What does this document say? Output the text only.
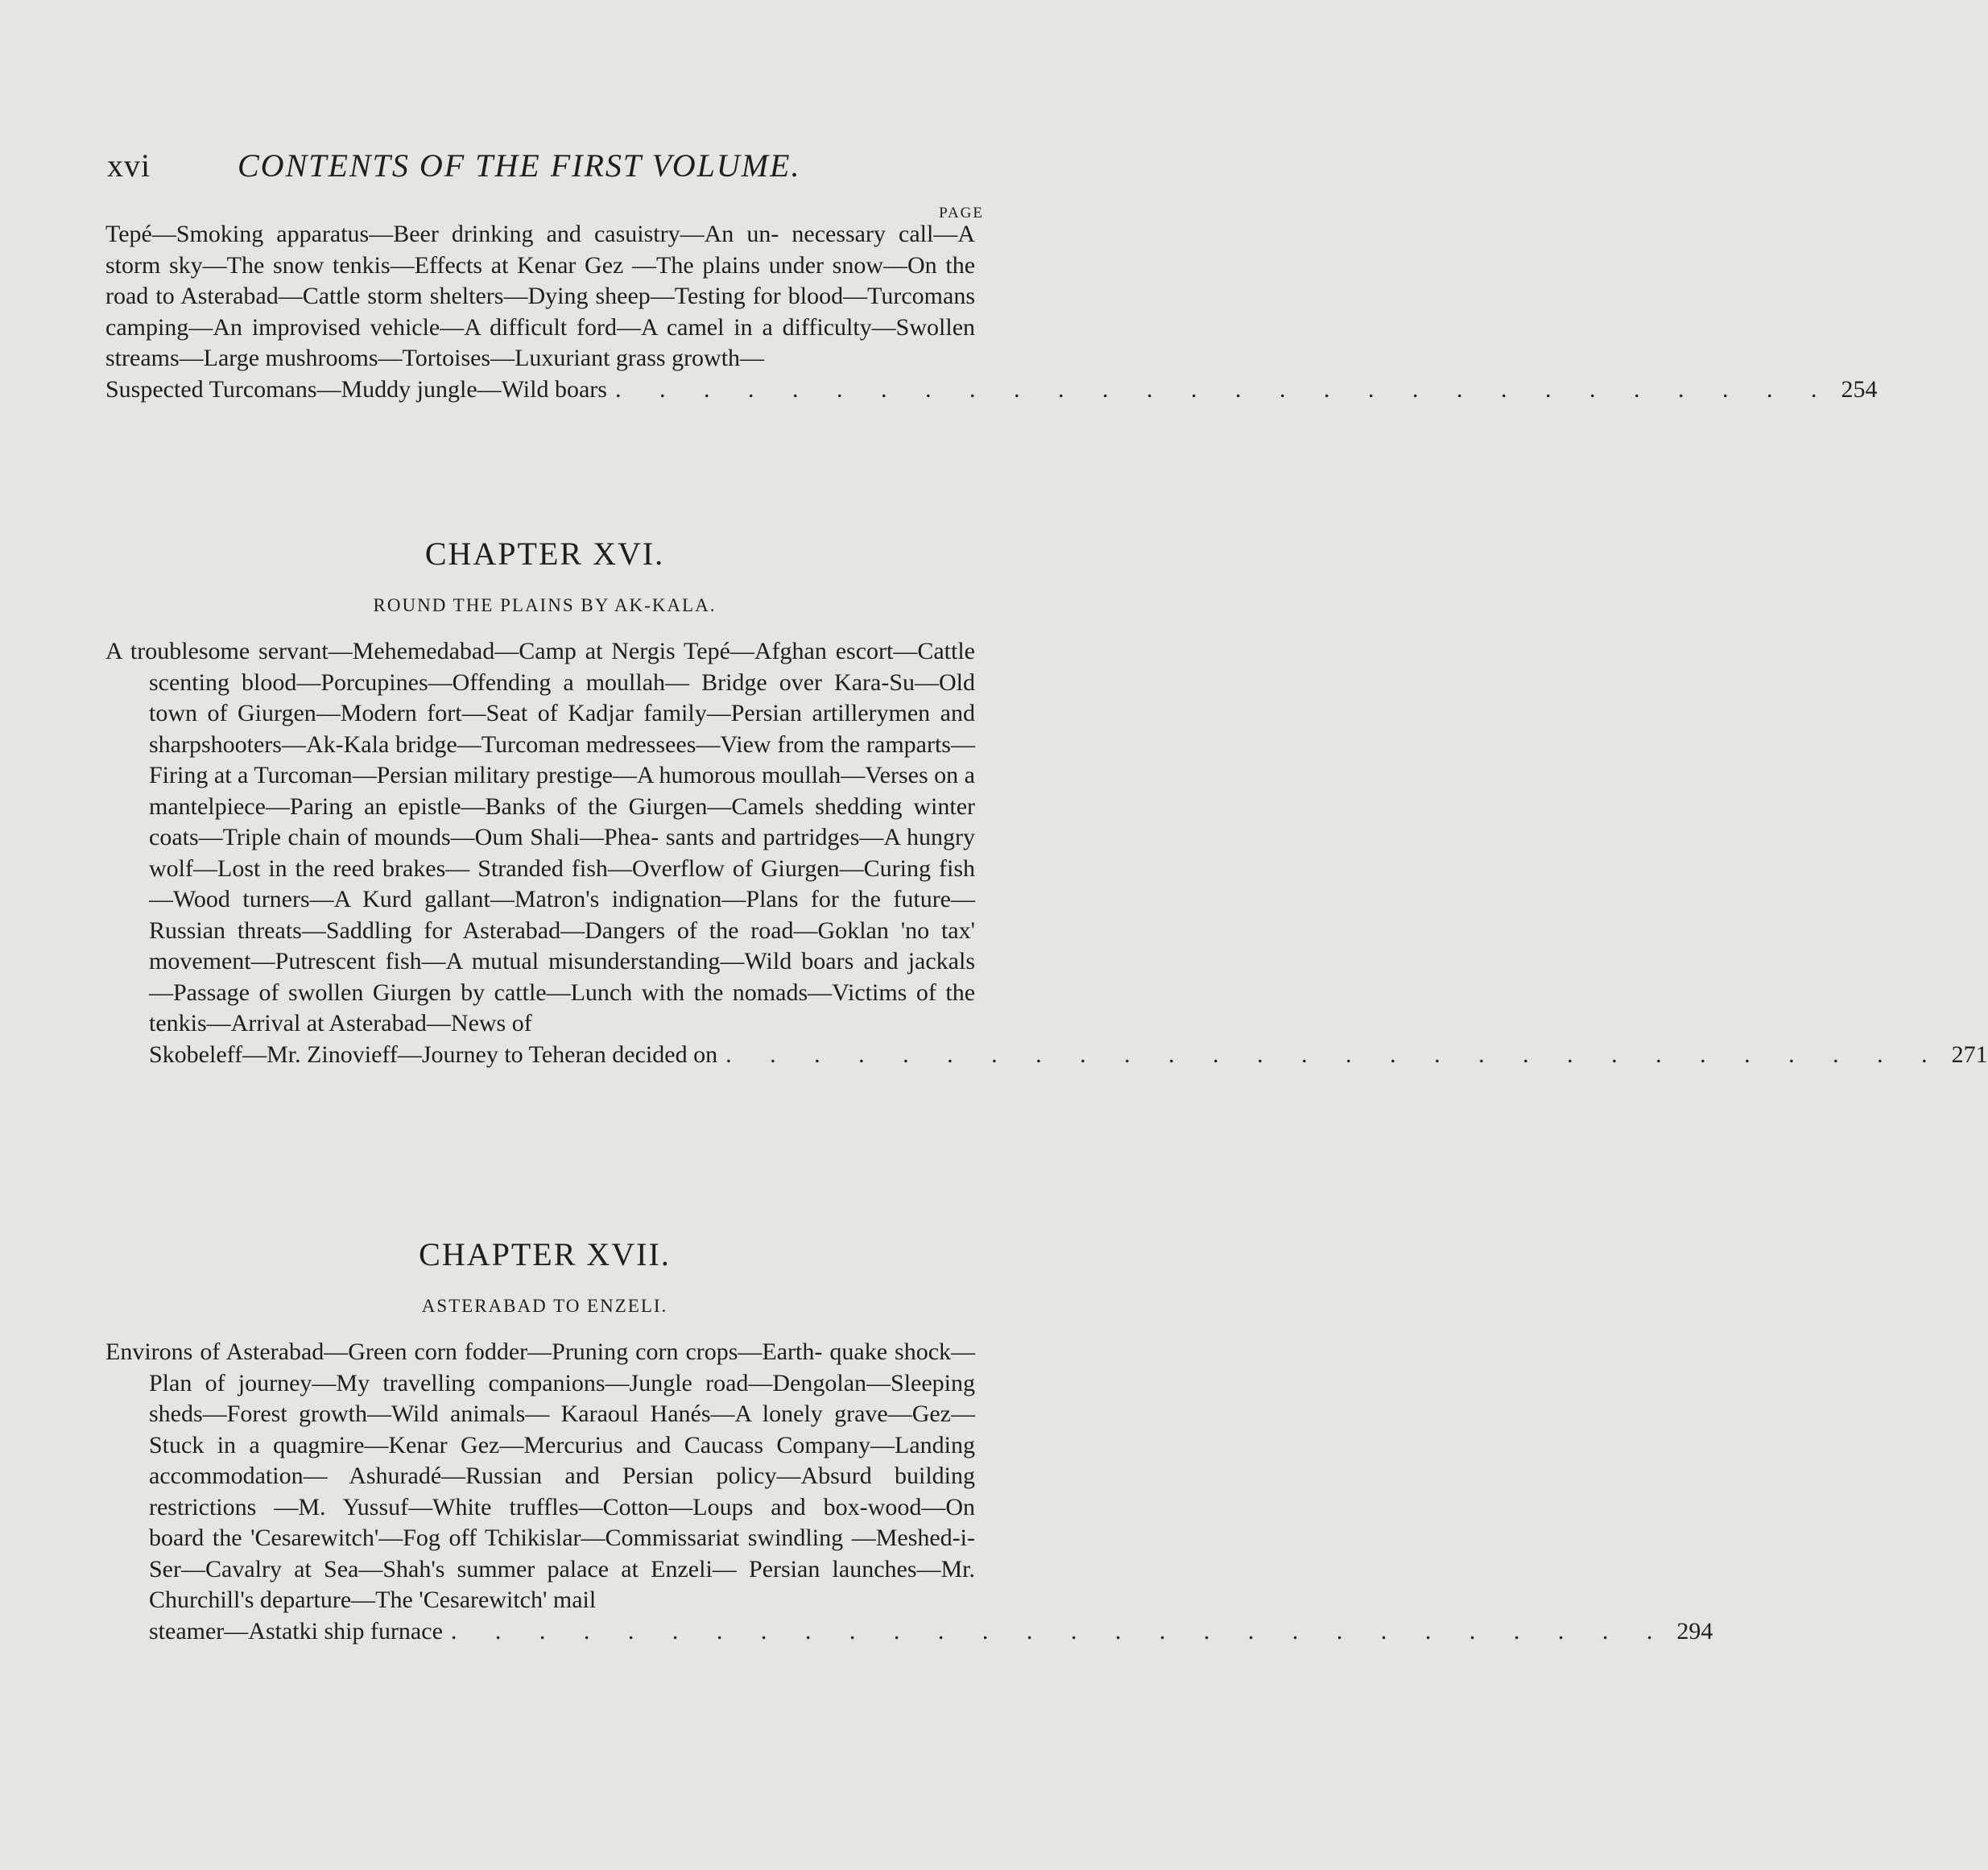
xvi	CONTENTS OF THE FIRST VOLUME.
PAGE

Tepé—Smoking apparatus—Beer drinking and casuistry—An un- necessary call—A storm sky—The snow tenkis—Effects at Kenar Gez —The plains under snow—On the road to Asterabad—Cattle storm shelters—Dying sheep—Testing for blood—Turcomans camping—An improvised vehicle—A difficult ford—A camel in a difficulty—Swollen streams—Large mushrooms—Tortoises—Luxuriant grass growth—

Suspected Turcomans—Muddy jungle—Wild boars . . . . . . . . . . . . . . . . . . . . . . . . . . . . 254
CHAPTER XVI.
ROUND THE PLAINS BY AK-KALA.

A troublesome servant—Mehemedabad—Camp at Nergis Tepé—Afghan escort—Cattle scenting blood—Porcupines—Offending a moullah— Bridge over Kara-Su—Old town of Giurgen—Modern fort—Seat of Kadjar family—Persian artillerymen and sharpshooters—Ak-Kala bridge—Turcoman medressees—View from the ramparts—Firing at a Turcoman—Persian military prestige—A humorous moullah—Verses on a mantelpiece—Paring an epistle—Banks of the Giurgen—Camels shedding winter coats—Triple chain of mounds—Oum Shali—Phea- sants and partridges—A hungry wolf—Lost in the reed brakes— Stranded fish—Overflow of Giurgen—Curing fish—Wood turners—A Kurd gallant—Matron's indignation—Plans for the future—Russian threats—Saddling for Asterabad—Dangers of the road—Goklan 'no tax' movement—Putrescent fish—A mutual misunderstanding—Wild boars and jackals—Passage of swollen Giurgen by cattle—Lunch with the nomads—Victims of the tenkis—Arrival at Asterabad—News of

Skobeleff—Mr. Zinovieff—Journey to Teheran decided on . . . . . . . . . . . . . . . . . . . . . . . . . . . . 271
CHAPTER XVII.
ASTERABAD TO ENZELI.

Environs of Asterabad—Green corn fodder—Pruning corn crops—Earth- quake shock—Plan of journey—My travelling companions—Jungle road—Dengolan—Sleeping sheds—Forest growth—Wild animals— Karaoul Hanés—A lonely grave—Gez—Stuck in a quagmire—Kenar Gez—Mercurius and Caucass Company—Landing accommodation— Ashuradé—Russian and Persian policy—Absurd building restrictions —M. Yussuf—White truffles—Cotton—Loups and box-wood—On board the 'Cesarewitch'—Fog off Tchikislar—Commissariat swindling —Meshed-i-Ser—Cavalry at Sea—Shah's summer palace at Enzeli— Persian launches—Mr. Churchill's departure—The 'Cesarewitch' mail

steamer—Astatki ship furnace . . . . . . . . . . . . . . . . . . . . . . . . . . . . 294
